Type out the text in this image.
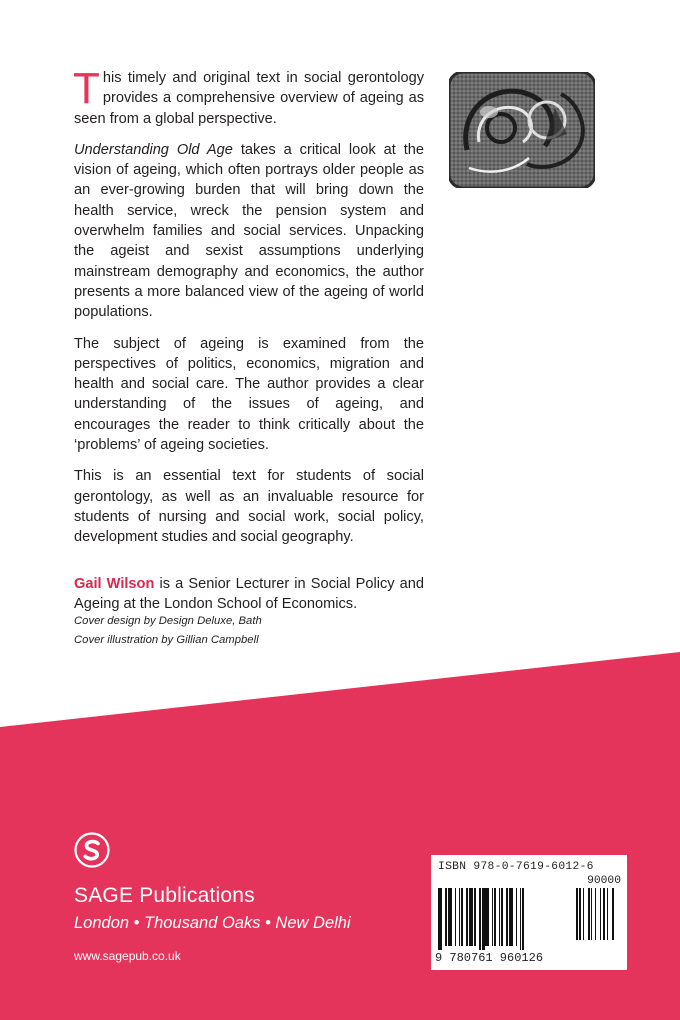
This timely and original text in social gerontology provides a comprehensive overview of ageing as seen from a global perspective.

Understanding Old Age takes a critical look at the vision of ageing, which often portrays older people as an ever-growing burden that will bring down the health service, wreck the pension system and overwhelm families and social services. Unpacking the ageist and sexist assumptions underlying mainstream demography and economics, the author presents a more balanced view of the ageing of world populations.

The subject of ageing is examined from the perspectives of politics, economics, migration and health and social care. The author provides a clear understanding of the issues of ageing, and encourages the reader to think critically about the ‘problems’ of ageing societies.

This is an essential text for students of social gerontology, as well as an invaluable resource for students of nursing and social work, social policy, development studies and social geography.

Gail Wilson is a Senior Lecturer in Social Policy and Ageing at the London School of Economics.

Cover design by Design Deluxe, Bath
Cover illustration by Gillian Campbell
SAGE Publications
London • Thousand Oaks • New Delhi
www.sagepub.co.uk
ISBN 978-0-7619-6012-6
90000
9 780761 960126
